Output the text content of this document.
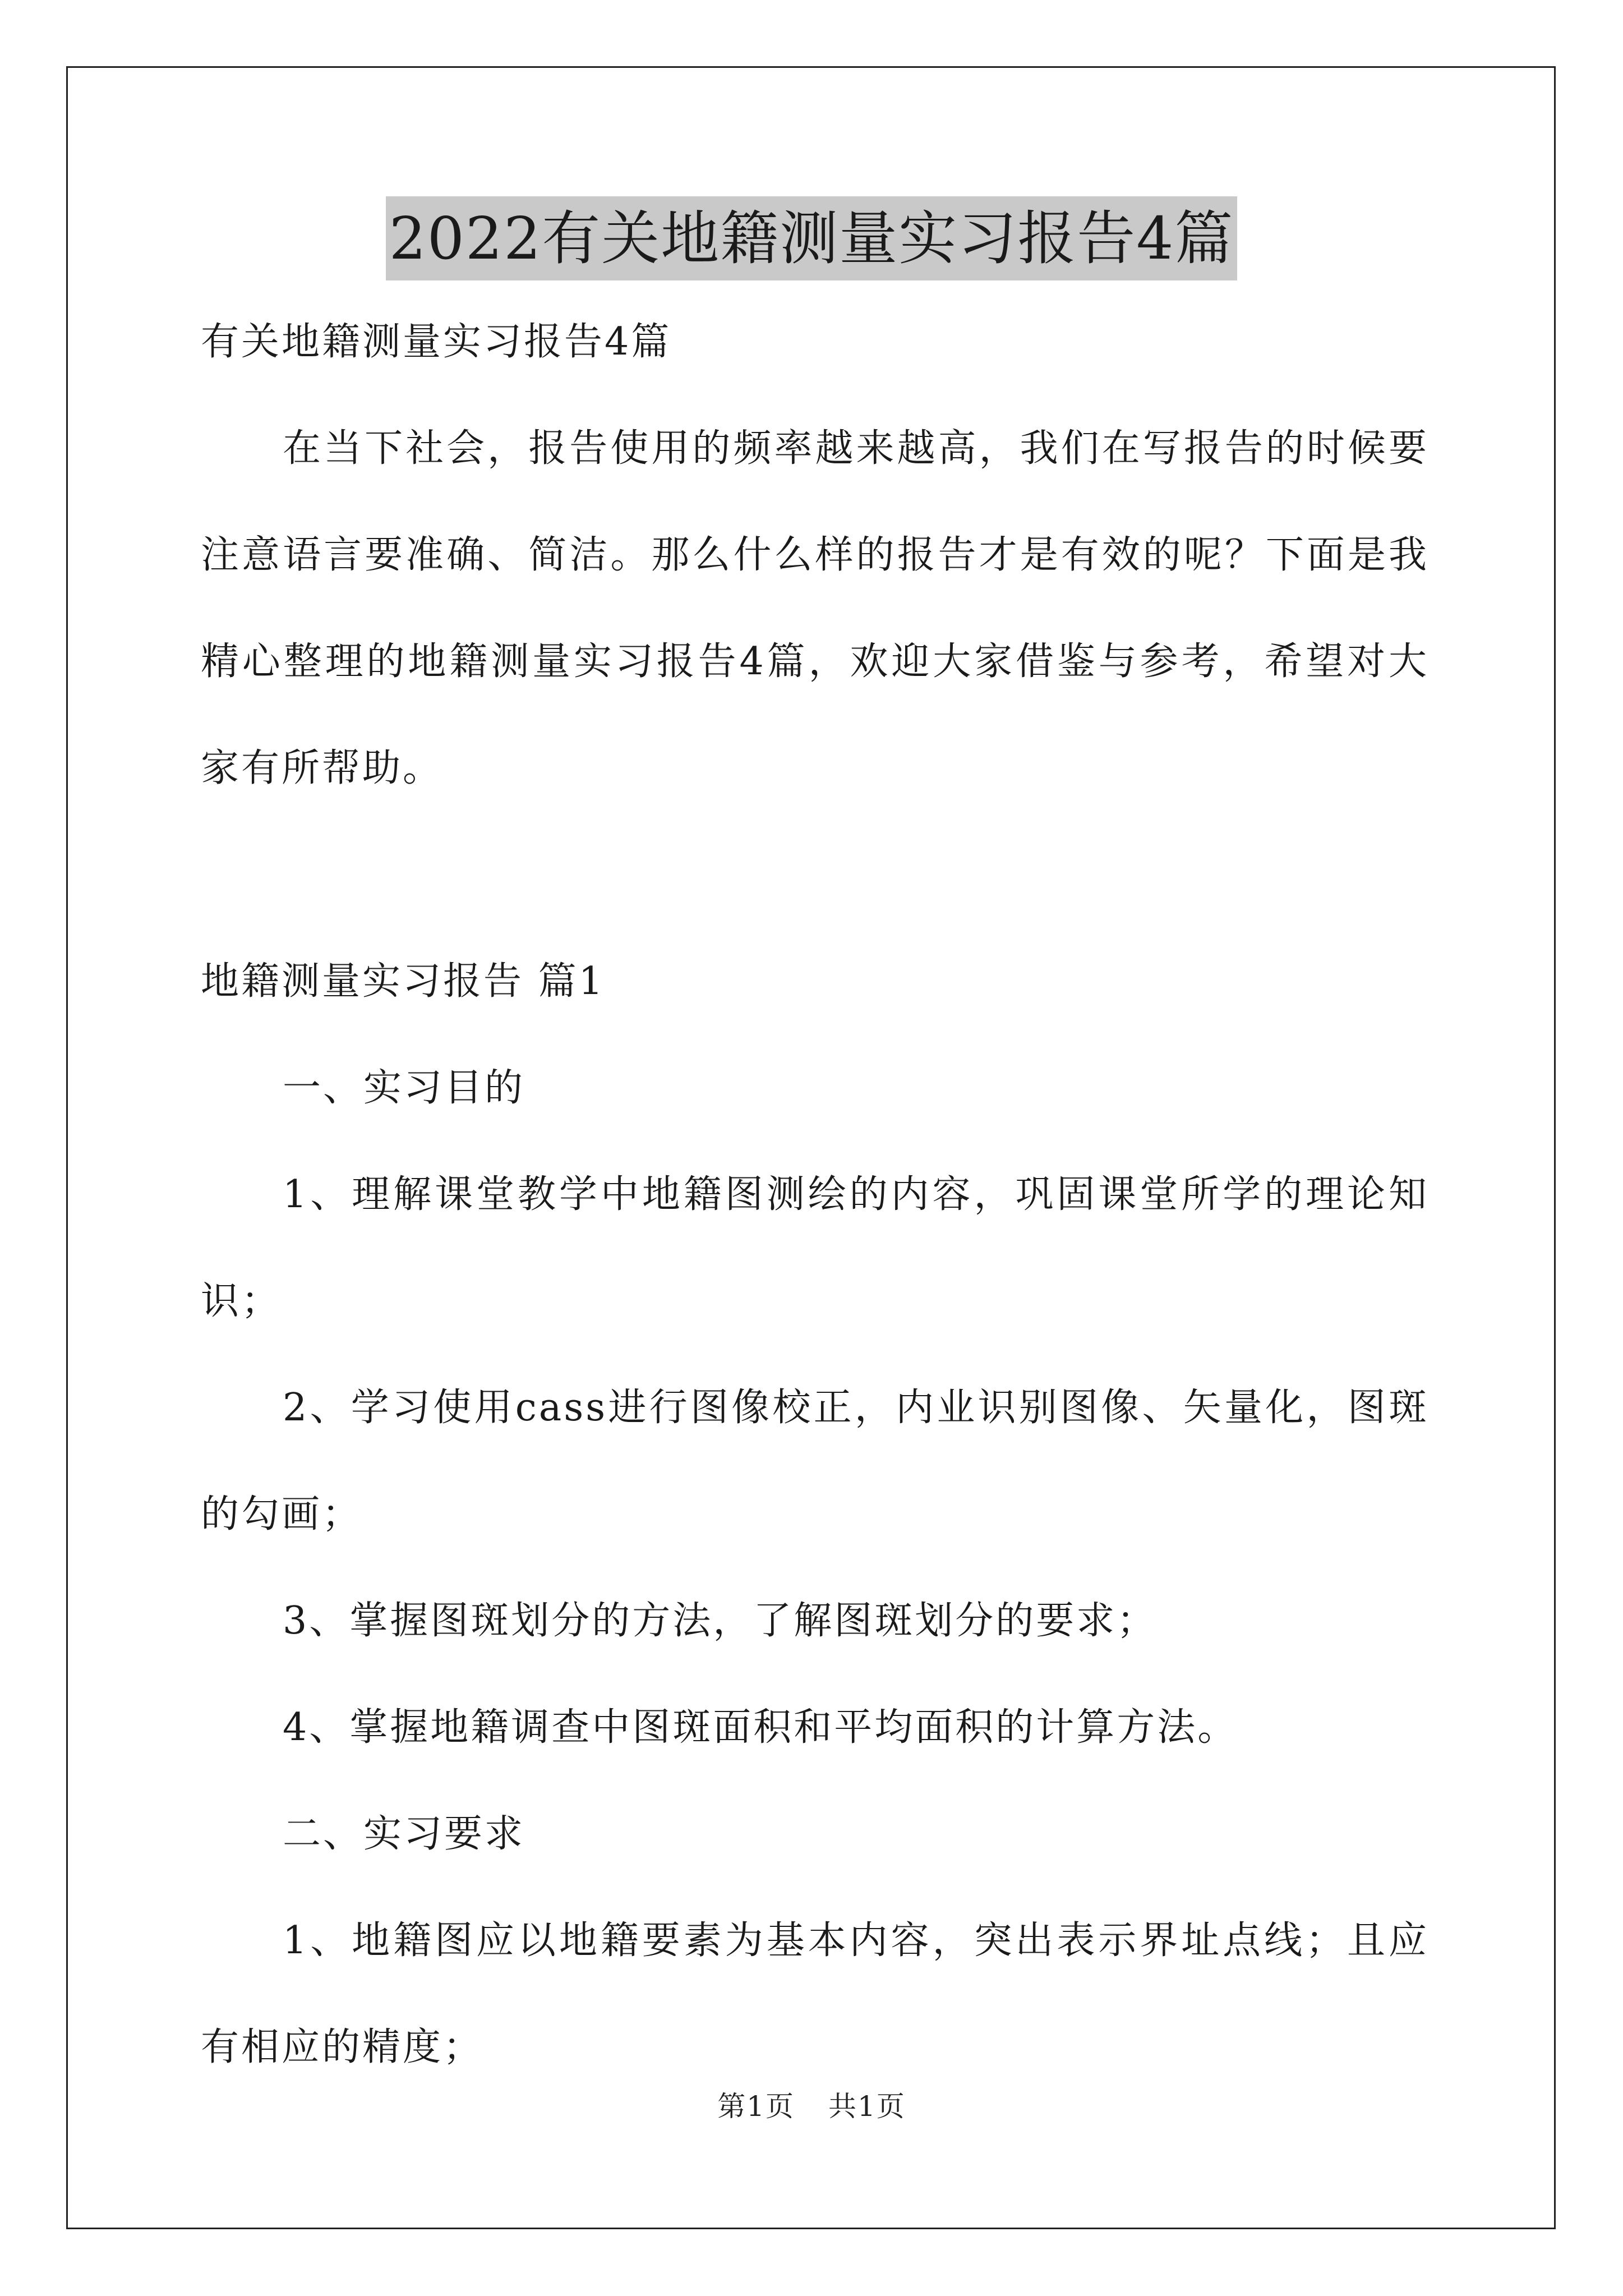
2022有关地籍测量实习报告4篇

有关地籍测量实习报告4篇

在当下社会，报告使用的频率越来越高，我们在写报告的时候要注意语言要准确、简洁。那么什么样的报告才是有效的呢？下面是我精心整理的地籍测量实习报告4篇，欢迎大家借鉴与参考，希望对大家有所帮助。

地籍测量实习报告 篇1

一、实习目的

1、理解课堂教学中地籍图测绘的内容，巩固课堂所学的理论知识；

2、学习使用cass进行图像校正，内业识别图像、矢量化，图斑的勾画；

3、掌握图斑划分的方法，了解图斑划分的要求；

4、掌握地籍调查中图斑面积和平均面积的计算方法。

二、实习要求

1、地籍图应以地籍要素为基本内容，突出表示界址点线；且应有相应的精度；

第1页 共1页
